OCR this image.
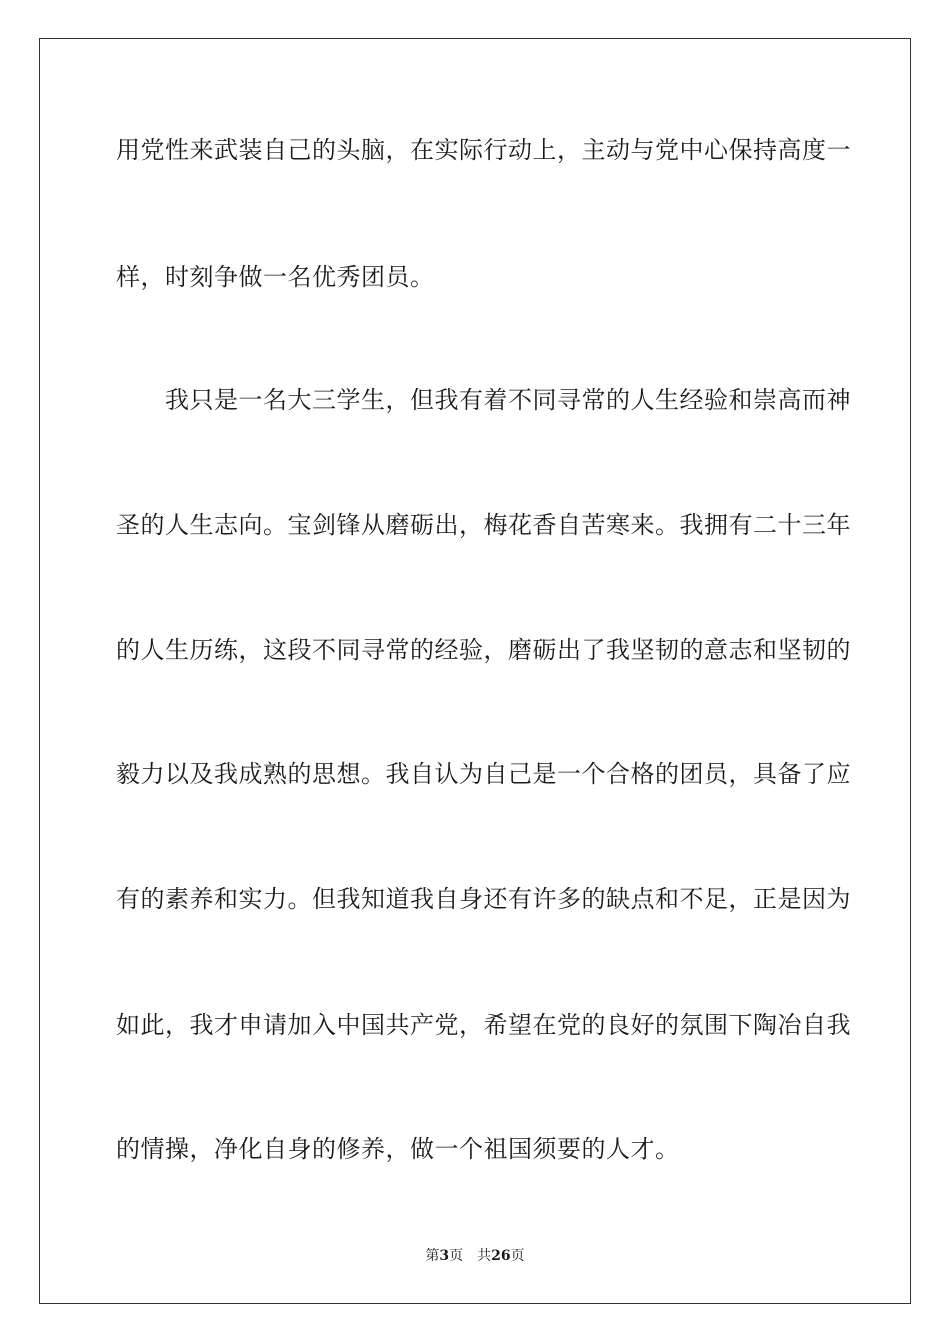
用党性来武装自己的头脑，在实际行动上，主动与党中心保持高度一
样，时刻争做一名优秀团员。
　　我只是一名大三学生，但我有着不同寻常的人生经验和崇高而神
圣的人生志向。宝剑锋从磨砺出，梅花香自苦寒来。我拥有二十三年
的人生历练，这段不同寻常的经验，磨砺出了我坚韧的意志和坚韧的
毅力以及我成熟的思想。我自认为自己是一个合格的团员，具备了应
有的素养和实力。但我知道我自身还有许多的缺点和不足，正是因为
如此，我才申请加入中国共产党，希望在党的良好的氛围下陶冶自我
的情操，净化自身的修养，做一个祖国须要的人才。
第3页 共26页
